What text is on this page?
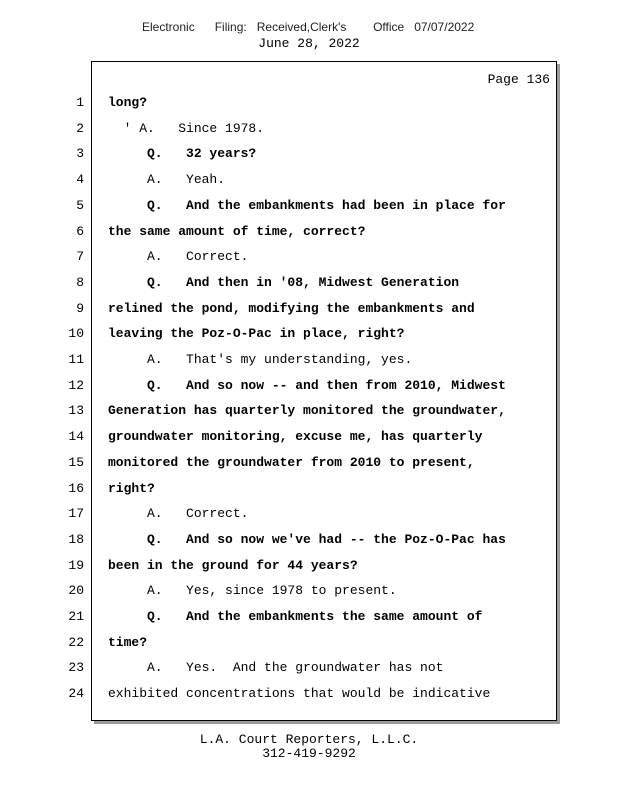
Electronic Filing: Received,Clerk's Office 07/07/2022
June 28, 2022
Page 136
1 long?
2 ' A.   Since 1978.
3 Q.   32 years?
4 A.   Yeah.
5 Q.   And the embankments had been in place for
6 the same amount of time, correct?
7 A.   Correct.
8 Q.   And then in '08, Midwest Generation
9 relined the pond, modifying the embankments and
10 leaving the Poz-O-Pac in place, right?
11 A.   That's my understanding, yes.
12 Q.   And so now -- and then from 2010, Midwest
13 Generation has quarterly monitored the groundwater,
14 groundwater monitoring, excuse me, has quarterly
15 monitored the groundwater from 2010 to present,
16 right?
17 A.   Correct.
18 Q.   And so now we've had -- the Poz-O-Pac has
19 been in the ground for 44 years?
20 A.   Yes, since 1978 to present.
21 Q.   And the embankments the same amount of
22 time?
23 A.   Yes.  And the groundwater has not
24 exhibited concentrations that would be indicative
L.A. Court Reporters, L.L.C.
312-419-9292
